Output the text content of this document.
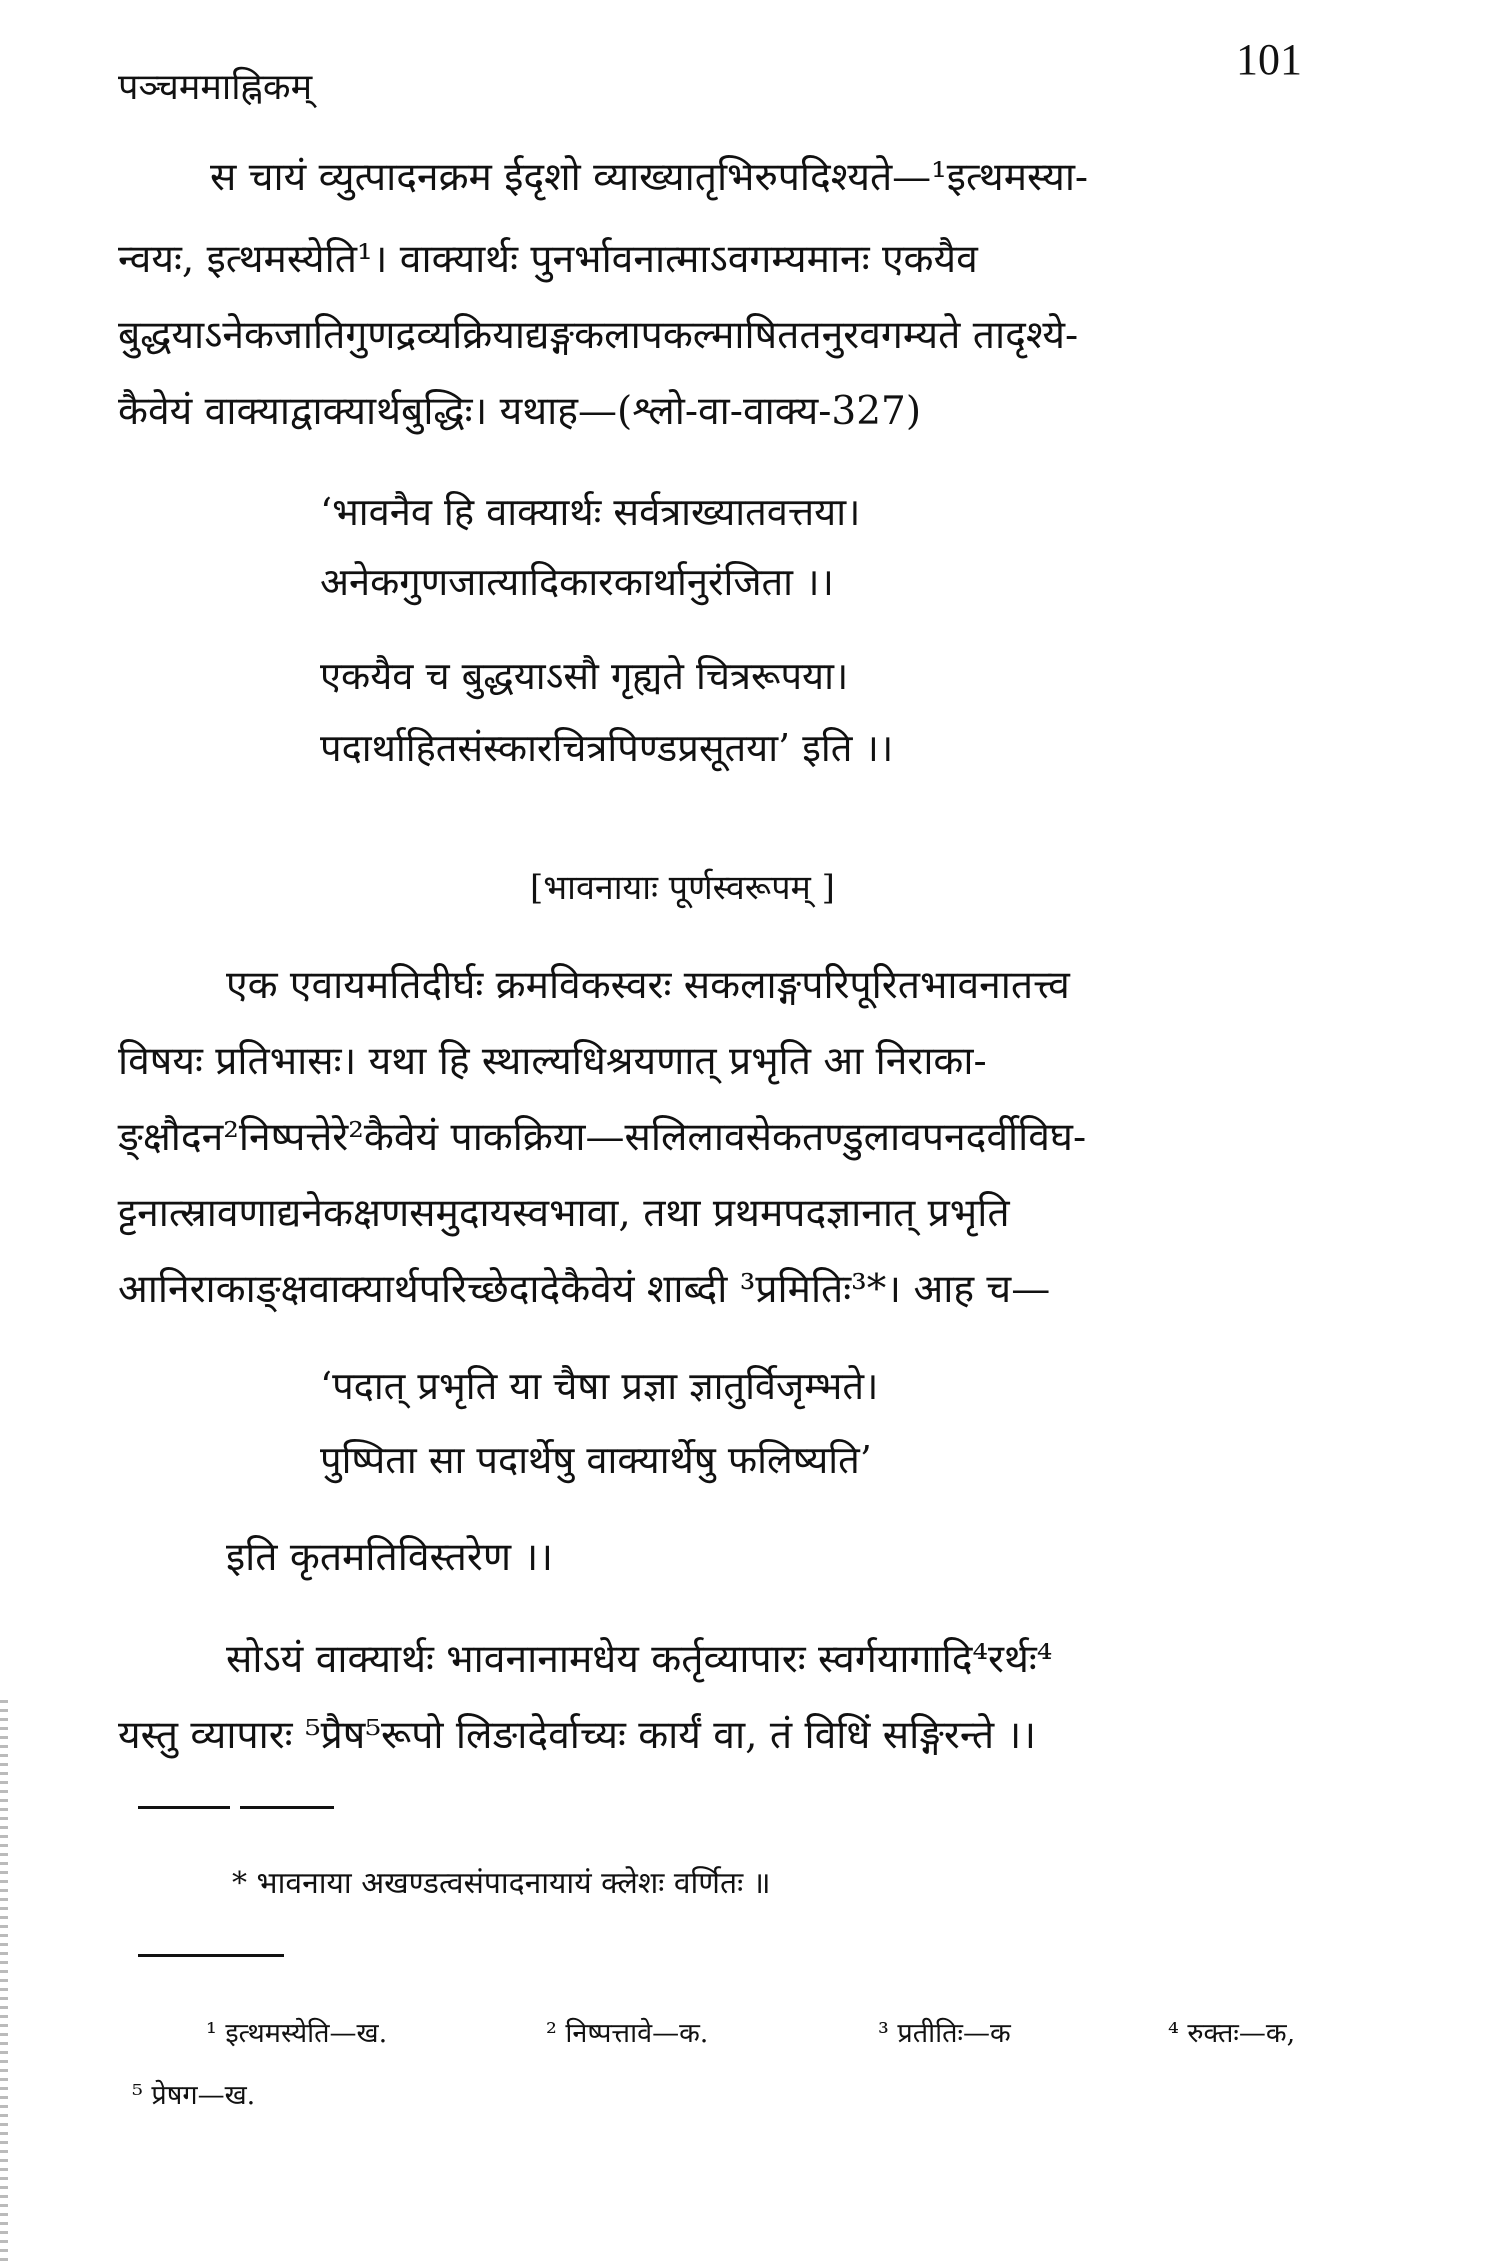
पञ्चममाह्निकम्
101
स चायं व्युत्पादनक्रम ईदृशो व्याख्यातृभिरुपदिश्यते—¹इत्थमस्या-
न्वयः, इत्थमस्येति¹। वाक्यार्थः पुनर्भावनात्माऽवगम्यमानः एकयैव
बुद्धयाऽनेकजातिगुणद्रव्यक्रियाद्यङ्गकलापकल्माषिततनुरवगम्यते तादृश्ये-
कैवेयं वाक्याद्वाक्यार्थबुद्धिः। यथाह—(श्लो-वा-वाक्य-327)
‘भावनैव हि वाक्यार्थः सर्वत्राख्यातवत्तया।
अनेकगुणजात्यादिकारकार्थानुरंजिता ।।
एकयैव च बुद्धयाऽसौ गृह्यते चित्ररूपया।
पदार्थाहितसंस्कारचित्रपिण्डप्रसूतया’ इति ।।
[भावनायाः पूर्णस्वरूपम् ]
एक एवायमतिदीर्घः क्रमविकस्वरः सकलाङ्गपरिपूरितभावनातत्त्व
विषयः प्रतिभासः। यथा हि स्थाल्यधिश्रयणात् प्रभृति आ निराका-
ङ्क्षौदन²निष्पत्तेरे²कैवेयं पाकक्रिया—सलिलावसेकतण्डुलावपनदर्वीविघ-
ट्टनात्स्रावणाद्यनेकक्षणसमुदायस्वभावा, तथा प्रथमपदज्ञानात् प्रभृति
आनिराकाङ्क्षवाक्यार्थपरिच्छेदादेकैवेयं शाब्दी ³प्रमितिः³*। आह च—
‘पदात् प्रभृति या चैषा प्रज्ञा ज्ञातुर्विजृम्भते।
पुष्पिता सा पदार्थेषु वाक्यार्थेषु फलिष्यति’
इति कृतमतिविस्तरेण ।।
सोऽयं वाक्यार्थः भावनानामधेय कर्तृव्यापारः स्वर्गयागादि⁴रर्थः⁴
यस्तु व्यापारः ⁵प्रैष⁵रूपो लिङादेर्वाच्यः कार्यं वा, तं विधिं सङ्गिरन्ते ।।
* भावनाया अखण्डत्वसंपादनायायं क्लेशः वर्णितः ॥
¹ इत्थमस्येति—ख.	² निष्पत्तावे—क.	³ प्रतीतिः—क	⁴ रुक्तः—क,
⁵ प्रेषग—ख.
